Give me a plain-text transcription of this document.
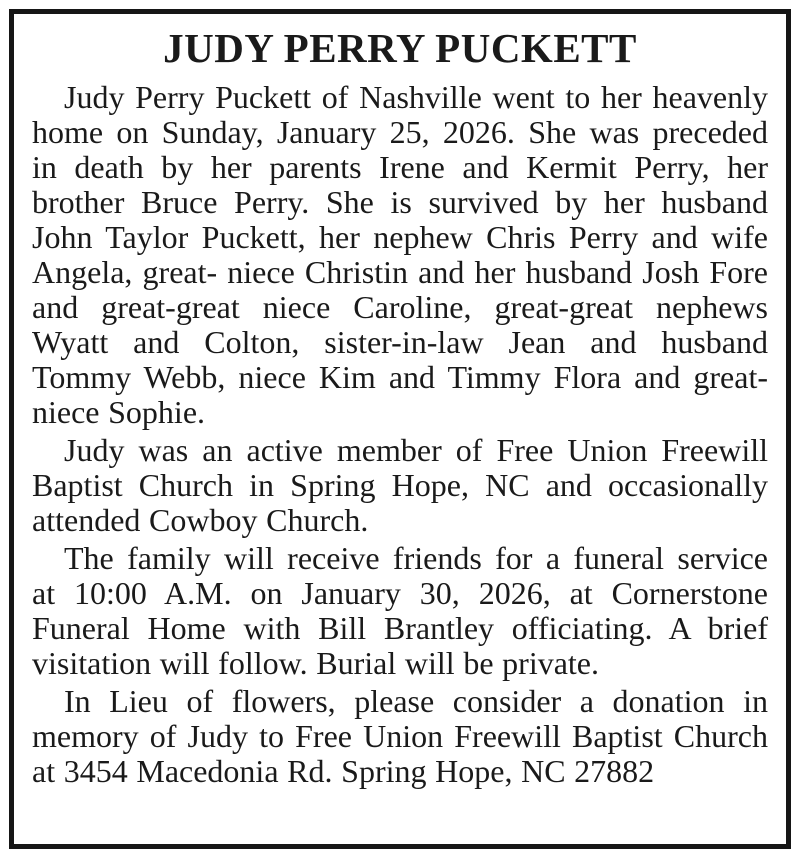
JUDY PERRY PUCKETT

Judy Perry Puckett of Nashville went to her heavenly
home on Sunday, January 25, 2026. She was preceded
in death by her parents Irene and Kermit Perry, her
brother Bruce Perry. She is survived by her husband
John Taylor Puckett, her nephew Chris Perry and wife
Angela, great- niece Christin and her husband Josh Fore
and great-great niece Caroline, great-great nephews
Wyatt and Colton, sister-in-law Jean and husband
Tommy Webb, niece Kim and Timmy Flora and great-
niece Sophie.

Judy was an active member of Free Union Freewill
Baptist Church in Spring Hope, NC and occasionally
attended Cowboy Church.

The family will receive friends for a funeral service
at 10:00 A.M. on January 30, 2026, at Cornerstone
Funeral Home with Bill Brantley officiating. A brief
visitation will follow. Burial will be private.

In Lieu of flowers, please consider a donation in
memory of Judy to Free Union Freewill Baptist Church
at 3454 Macedonia Rd. Spring Hope, NC 27882
